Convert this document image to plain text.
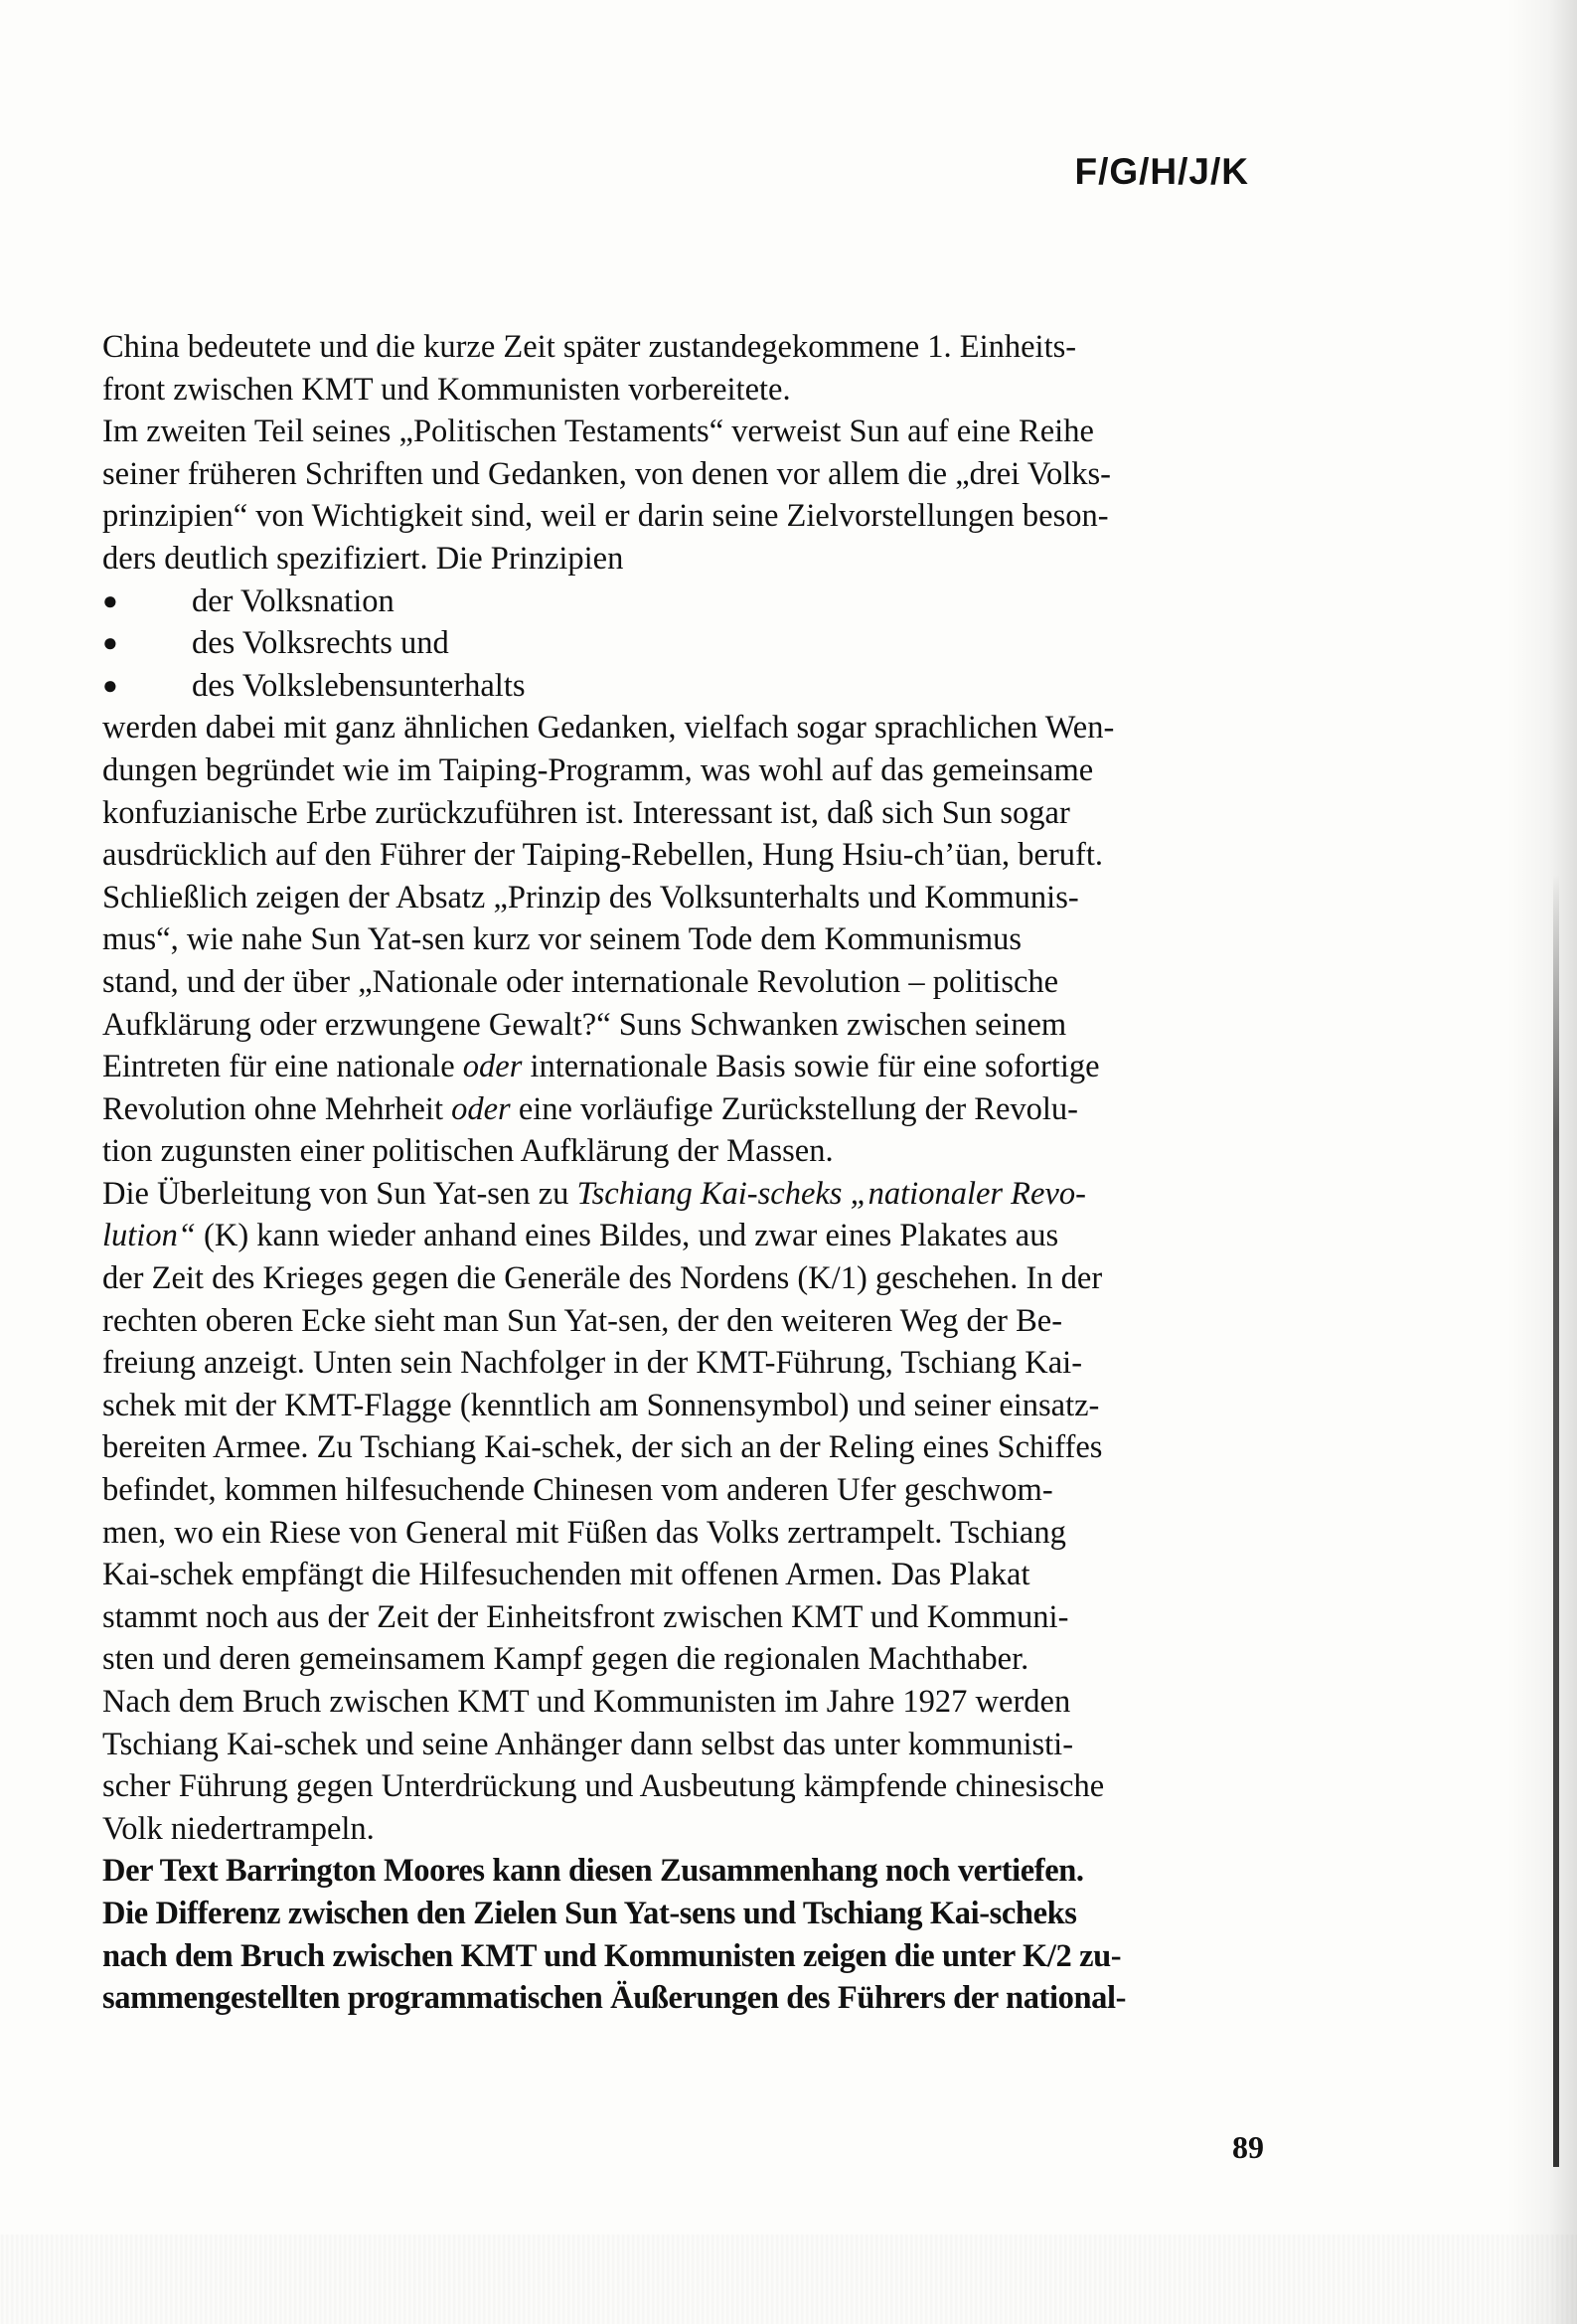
F/G/H/J/K
China bedeutete und die kurze Zeit später zustandegekommene 1. Einheits-
front zwischen KMT und Kommunisten vorbereitete.
Im zweiten Teil seines „Politischen Testaments“ verweist Sun auf eine Reihe
seiner früheren Schriften und Gedanken, von denen vor allem die „drei Volks-
prinzipien“ von Wichtigkeit sind, weil er darin seine Zielvorstellungen beson-
ders deutlich spezifiziert. Die Prinzipien
● der Volksnation
● des Volksrechts und
● des Volkslebensunterhalts
werden dabei mit ganz ähnlichen Gedanken, vielfach sogar sprachlichen Wen-
dungen begründet wie im Taiping-Programm, was wohl auf das gemeinsame
konfuzianische Erbe zurückzuführen ist. Interessant ist, daß sich Sun sogar
ausdrücklich auf den Führer der Taiping-Rebellen, Hung Hsiu-ch’üan, beruft.
Schließlich zeigen der Absatz „Prinzip des Volksunterhalts und Kommunis-
mus“, wie nahe Sun Yat-sen kurz vor seinem Tode dem Kommunismus
stand, und der über „Nationale oder internationale Revolution – politische
Aufklärung oder erzwungene Gewalt?“ Suns Schwanken zwischen seinem
Eintreten für eine nationale oder internationale Basis sowie für eine sofortige
Revolution ohne Mehrheit oder eine vorläufige Zurückstellung der Revolu-
tion zugunsten einer politischen Aufklärung der Massen.
Die Überleitung von Sun Yat-sen zu Tschiang Kai-scheks „nationaler Revo-
lution“ (K) kann wieder anhand eines Bildes, und zwar eines Plakates aus
der Zeit des Krieges gegen die Generäle des Nordens (K/1) geschehen. In der
rechten oberen Ecke sieht man Sun Yat-sen, der den weiteren Weg der Be-
freiung anzeigt. Unten sein Nachfolger in der KMT-Führung, Tschiang Kai-
schek mit der KMT-Flagge (kenntlich am Sonnensymbol) und seiner einsatz-
bereiten Armee. Zu Tschiang Kai-schek, der sich an der Reling eines Schiffes
befindet, kommen hilfesuchende Chinesen vom anderen Ufer geschwom-
men, wo ein Riese von General mit Füßen das Volks zertrampelt. Tschiang
Kai-schek empfängt die Hilfesuchenden mit offenen Armen. Das Plakat
stammt noch aus der Zeit der Einheitsfront zwischen KMT und Kommuni-
sten und deren gemeinsamem Kampf gegen die regionalen Machthaber.
Nach dem Bruch zwischen KMT und Kommunisten im Jahre 1927 werden
Tschiang Kai-schek und seine Anhänger dann selbst das unter kommunisti-
scher Führung gegen Unterdrückung und Ausbeutung kämpfende chinesische
Volk niedertrampeln.
Der Text Barrington Moores kann diesen Zusammenhang noch vertiefen.
Die Differenz zwischen den Zielen Sun Yat-sens und Tschiang Kai-scheks
nach dem Bruch zwischen KMT und Kommunisten zeigen die unter K/2 zu-
sammengestellten programmatischen Äußerungen des Führers der national-
89
